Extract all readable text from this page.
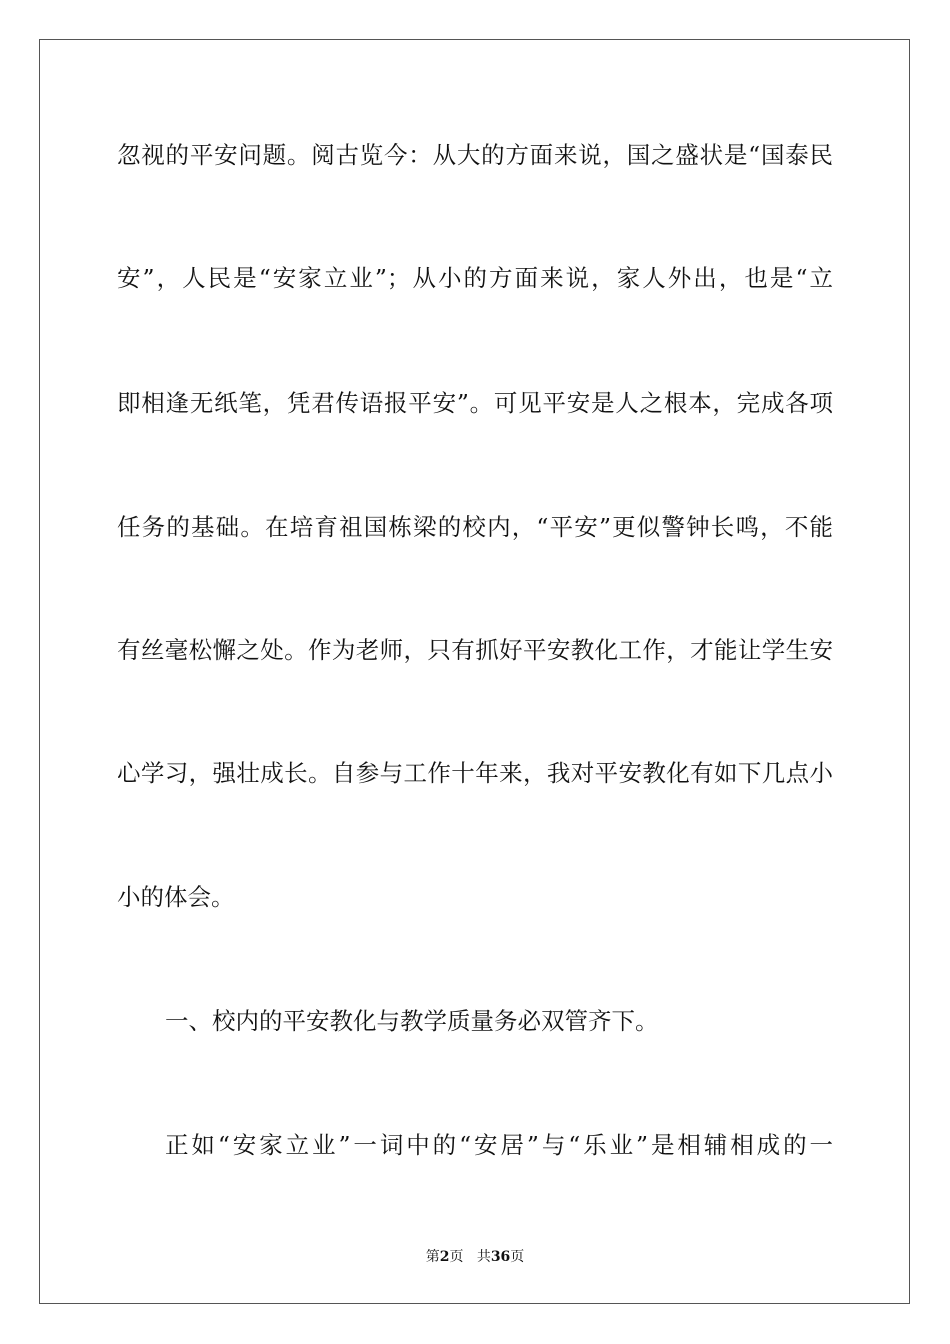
忽视的平安问题。阅古览今：从大的方面来说，国之盛状是“国泰民
安”，人民是“安家立业”；从小的方面来说，家人外出，也是“立
即相逢无纸笔，凭君传语报平安”。可见平安是人之根本，完成各项
任务的基础。在培育祖国栋梁的校内，“平安”更似警钟长鸣，不能
有丝毫松懈之处。作为老师，只有抓好平安教化工作，才能让学生安
心学习，强壮成长。自参与工作十年来，我对平安教化有如下几点小
小的体会。
一、校内的平安教化与教学质量务必双管齐下。
正如“安家立业”一词中的“安居”与“乐业”是相辅相成的一
第2页 共36页
